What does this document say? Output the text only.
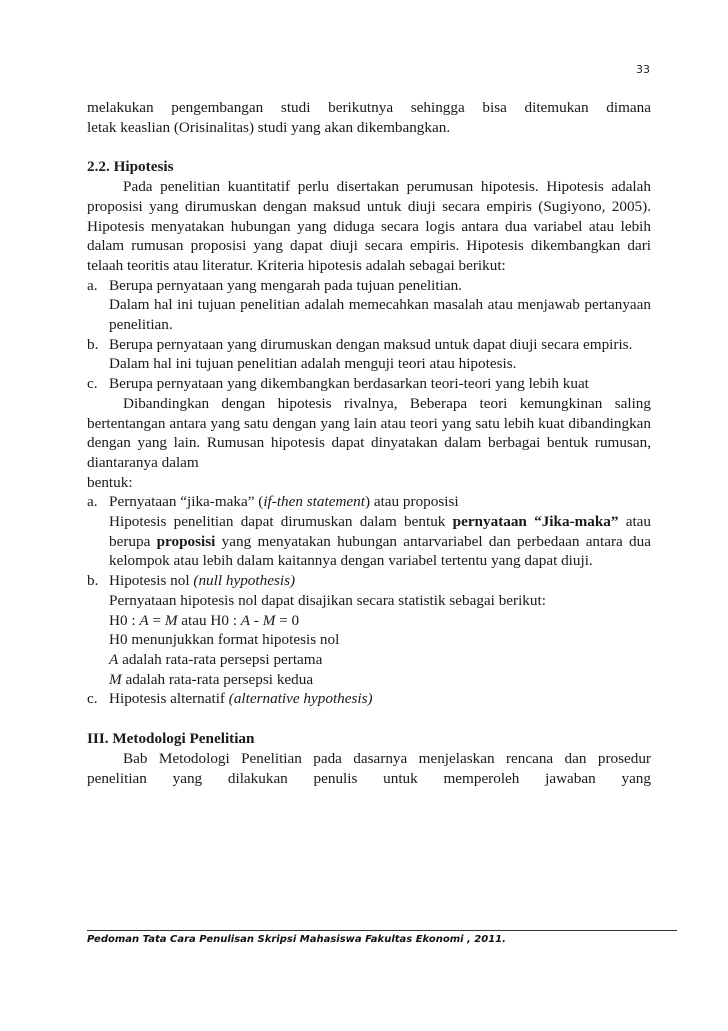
33

melakukan pengembangan studi berikutnya sehingga bisa ditemukan dimana

letak keaslian (Orisinalitas) studi yang akan dikembangkan.

2.2. Hipotesis

Pada penelitian kuantitatif perlu disertakan perumusan hipotesis. Hipotesis adalah proposisi yang dirumuskan dengan maksud untuk diuji secara empiris (Sugiyono, 2005). Hipotesis menyatakan hubungan yang diduga secara logis antara dua variabel atau lebih dalam rumusan proposisi yang dapat diuji secara empiris. Hipotesis dikembangkan dari telaah teoritis atau literatur. Kriteria hipotesis adalah sebagai berikut:

a. Berupa pernyataan yang mengarah pada tujuan penelitian.
Dalam hal ini tujuan penelitian adalah memecahkan masalah atau menjawab pertanyaan penelitian.
b. Berupa pernyataan yang dirumuskan dengan maksud untuk dapat diuji secara empiris.
Dalam hal ini tujuan penelitian adalah menguji teori atau hipotesis.
c. Berupa pernyataan yang dikembangkan berdasarkan teori-teori yang lebih kuat

Dibandingkan dengan hipotesis rivalnya, Beberapa teori kemungkinan saling bertentangan antara yang satu dengan yang lain atau teori yang satu lebih kuat dibandingkan dengan yang lain. Rumusan hipotesis dapat dinyatakan dalam berbagai bentuk rumusan, diantaranya dalam

bentuk:

a. Pernyataan “jika-maka” (if-then statement) atau proposisi
Hipotesis penelitian dapat dirumuskan dalam bentuk pernyataan “Jika-maka” atau berupa proposisi yang menyatakan hubungan antarvariabel dan perbedaan antara dua kelompok atau lebih dalam kaitannya dengan variabel tertentu yang dapat diuji.
b. Hipotesis nol (null hypothesis)
Pernyataan hipotesis nol dapat disajikan secara statistik sebagai berikut:
H0 : A = M atau H0 : A - M = 0
H0 menunjukkan format hipotesis nol
A adalah rata-rata persepsi pertama
M adalah rata-rata persepsi kedua
c. Hipotesis alternatif (alternative hypothesis)

III. Metodologi Penelitian

Bab Metodologi Penelitian pada dasarnya menjelaskan rencana dan prosedur penelitian yang dilakukan penulis untuk memperoleh jawaban yang

Pedoman Tata Cara Penulisan Skripsi Mahasiswa Fakultas Ekonomi , 2011.
